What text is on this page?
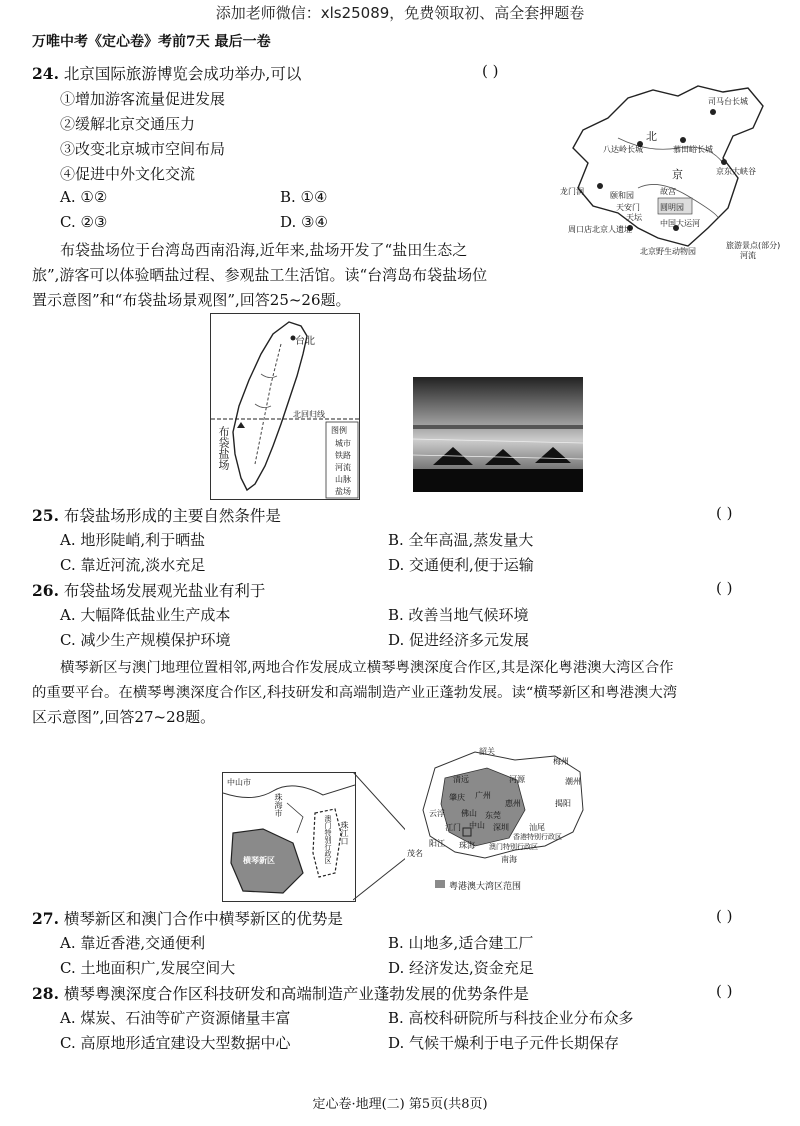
添加老师微信：xls25089，免费领取初、高全套押题卷
万唯中考《定心卷》考前7天 最后一卷
24. 北京国际旅游博览会成功举办,可以	( )
①增加游客流量促进发展
②缓解北京交通压力
③改变北京城市空间布局
④促进中外文化交流
A. ①②	B. ①④
C. ②③	D. ③④
司马台长城
北
八达岭长城	慕田峪长城
京	京东大峡谷
龙门涧	颐和园
天安门	圆明园
天坛
故宫
中国大运河
周口店北京人遗址
北京野生动物园
旅游景点(部分)
河流
布袋盐场位于台湾岛西南沿海,近年来,盐场开发了“盐田生态之
旅”,游客可以体验晒盐过程、参观盐工生活馆。读“台湾岛布袋盐场位
置示意图”和“布袋盐场景观图”,回答25~26题。
台北
布袋盐场
北回归线
图例
城市
铁路
河流
山脉
盐场
25. 布袋盐场形成的主要自然条件是	( )
A. 地形陡峭,利于晒盐	B. 全年高温,蒸发量大
C. 靠近河流,淡水充足	D. 交通便利,便于运输
26. 布袋盐场发展观光盐业有利于	( )
A. 大幅降低盐业生产成本	B. 改善当地气候环境
C. 减少生产规模保护环境	D. 促进经济多元发展
横琴新区与澳门地理位置相邻,两地合作发展成立横琴粤澳深度合作区,其是深化粤港澳大湾区合作
的重要平台。在横琴粤澳深度合作区,科技研发和高端制造产业正蓬勃发展。读“横琴新区和粤港澳大湾
区示意图”,回答27~28题。
中山市
珠海市
横琴新区	澳门特别行政区 珠江口
韶关
梅州
清远	河源	潮州
肇庆 广州
惠州	揭阳
云浮 佛山 东莞
深圳	汕尾
江门 中山
香港特别行政区
阳江
茂名
澳门特别行政区
珠海
南海
粤港澳大湾区范围
27. 横琴新区和澳门合作中横琴新区的优势是	( )
A. 靠近香港,交通便利	B. 山地多,适合建工厂
C. 土地面积广,发展空间大	D. 经济发达,资金充足
28. 横琴粤澳深度合作区科技研发和高端制造产业蓬勃发展的优势条件是	( )
A. 煤炭、石油等矿产资源储量丰富	B. 高校科研院所与科技企业分布众多
C. 高原地形适宜建设大型数据中心	D. 气候干燥利于电子元件长期保存
定心卷·地理(二) 第5页(共8页)
